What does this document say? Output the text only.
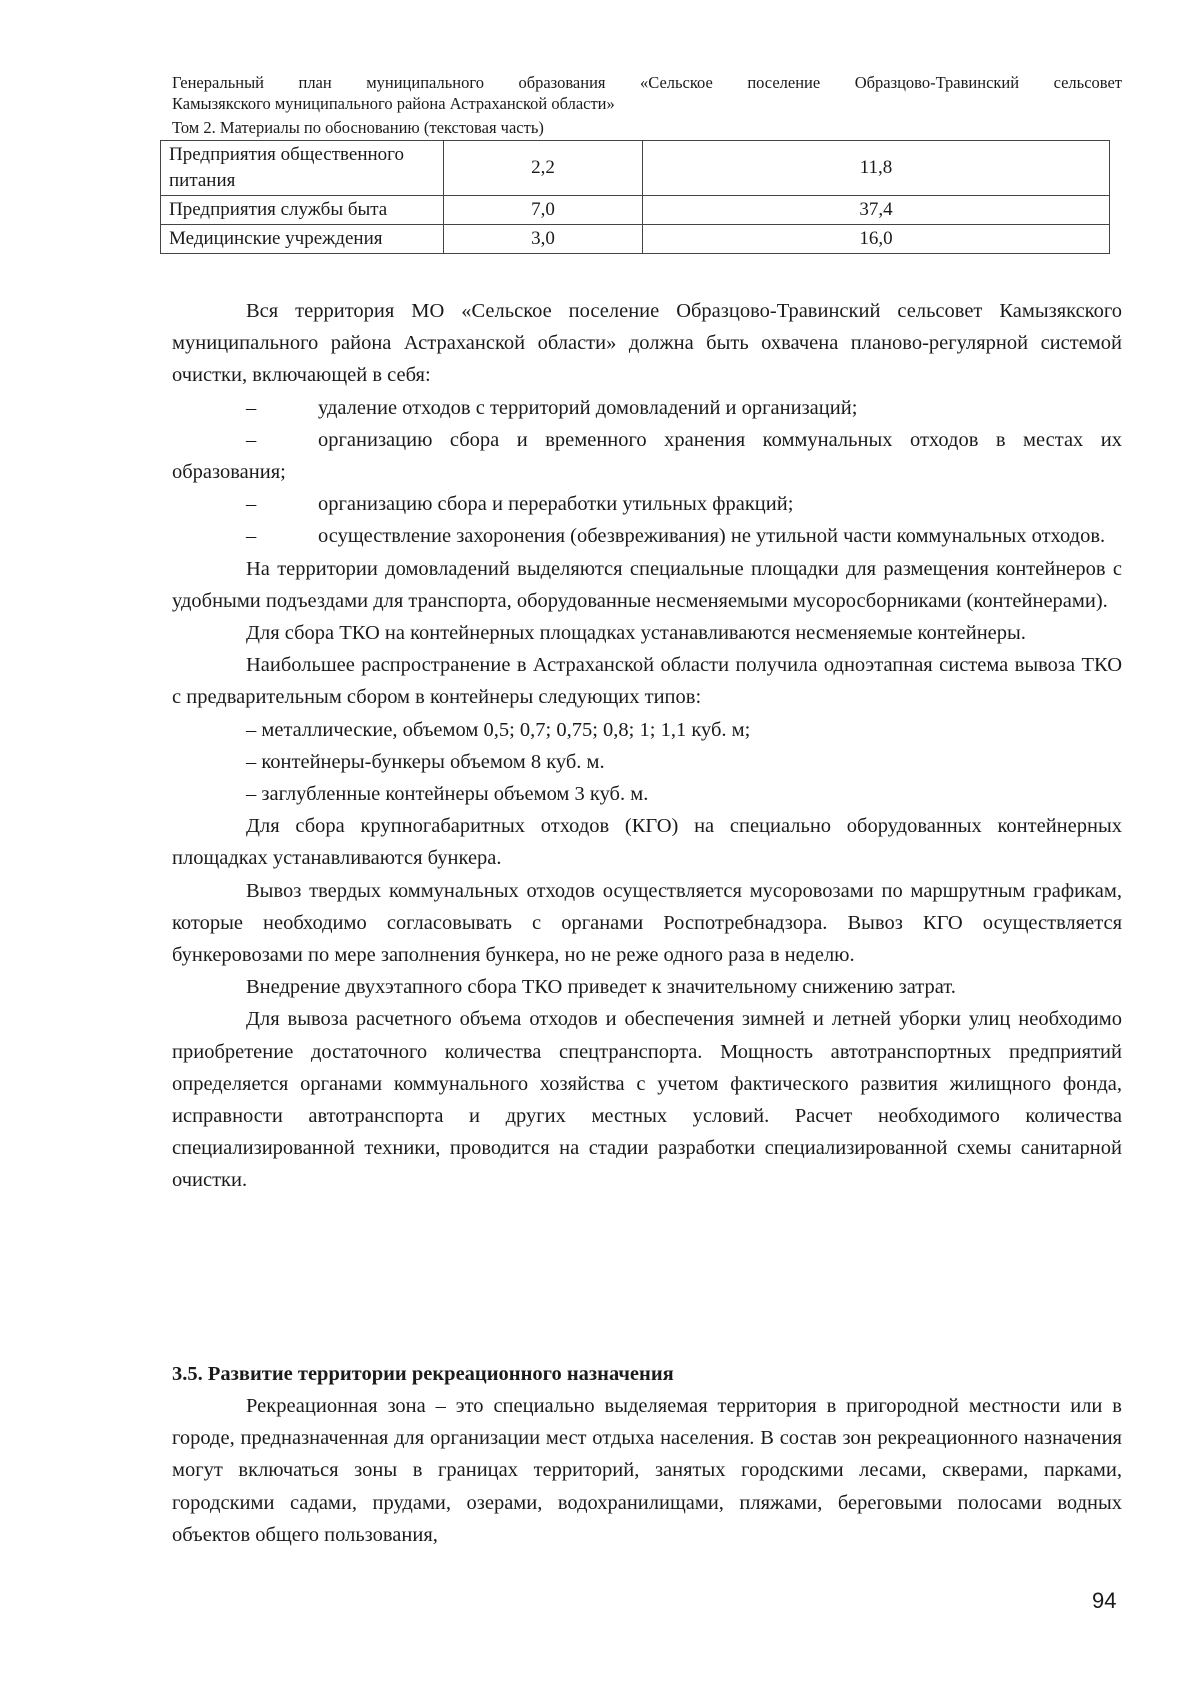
Генеральный план муниципального образования «Сельское поселение Образцово-Травинский сельсовет
Камызякского муниципального района Астраханской области»
Том 2. Материалы по обоснованию (текстовая часть)
Предприятия общественного питания	2,2	11,8
Предприятия службы быта	7,0	37,4
Медицинские учреждения	3,0	16,0

Вся территория МО «Сельское поселение Образцово-Травинский сельсовет Камызякского муниципального района Астраханской области» должна быть охвачена планово-регулярной системой очистки, включающей в себя:

–	удаление отходов с территорий домовладений и организаций;

–	организацию сбора и временного хранения коммунальных отходов в местах их образования;

–	организацию сбора и переработки утильных фракций;

–	осуществление захоронения (обезвреживания) не утильной части коммунальных отходов.

На территории домовладений выделяются специальные площадки для размещения контейнеров с удобными подъездами для транспорта, оборудованные несменяемыми мусоросборниками (контейнерами).

Для сбора ТКО на контейнерных площадках устанавливаются несменяемые контейнеры.

Наибольшее распространение в Астраханской области получила одноэтапная система вывоза ТКО с предварительным сбором в контейнеры следующих типов:

– металлические, объемом 0,5; 0,7; 0,75; 0,8; 1; 1,1 куб. м;

– контейнеры-бункеры объемом 8 куб. м.

– заглубленные контейнеры объемом 3 куб. м.

Для сбора крупногабаритных отходов (КГО) на специально оборудованных контейнерных площадках устанавливаются бункера.

Вывоз твердых коммунальных отходов осуществляется мусоровозами по маршрутным графикам, которые необходимо согласовывать с органами Роспотребнадзора. Вывоз КГО осуществляется бункеровозами по мере заполнения бункера, но не реже одного раза в неделю.

Внедрение двухэтапного сбора ТКО приведет к значительному снижению затрат.

Для вывоза расчетного объема отходов и обеспечения зимней и летней уборки улиц необходимо приобретение достаточного количества спецтранспорта. Мощность автотранспортных предприятий определяется органами коммунального хозяйства с учетом фактического развития жилищного фонда, исправности автотранспорта и других местных условий. Расчет необходимого количества специализированной техники, проводится на стадии разработки специализированной схемы санитарной очистки.

3.5. Развитие территории рекреационного назначения

Рекреационная зона – это специально выделяемая территория в пригородной местности или в городе, предназначенная для организации мест отдыха населения. В состав зон рекреационного назначения могут включаться зоны в границах территорий, занятых городскими лесами, скверами, парками, городскими садами, прудами, озерами, водохранилищами, пляжами, береговыми полосами водных объектов общего пользования,

94
